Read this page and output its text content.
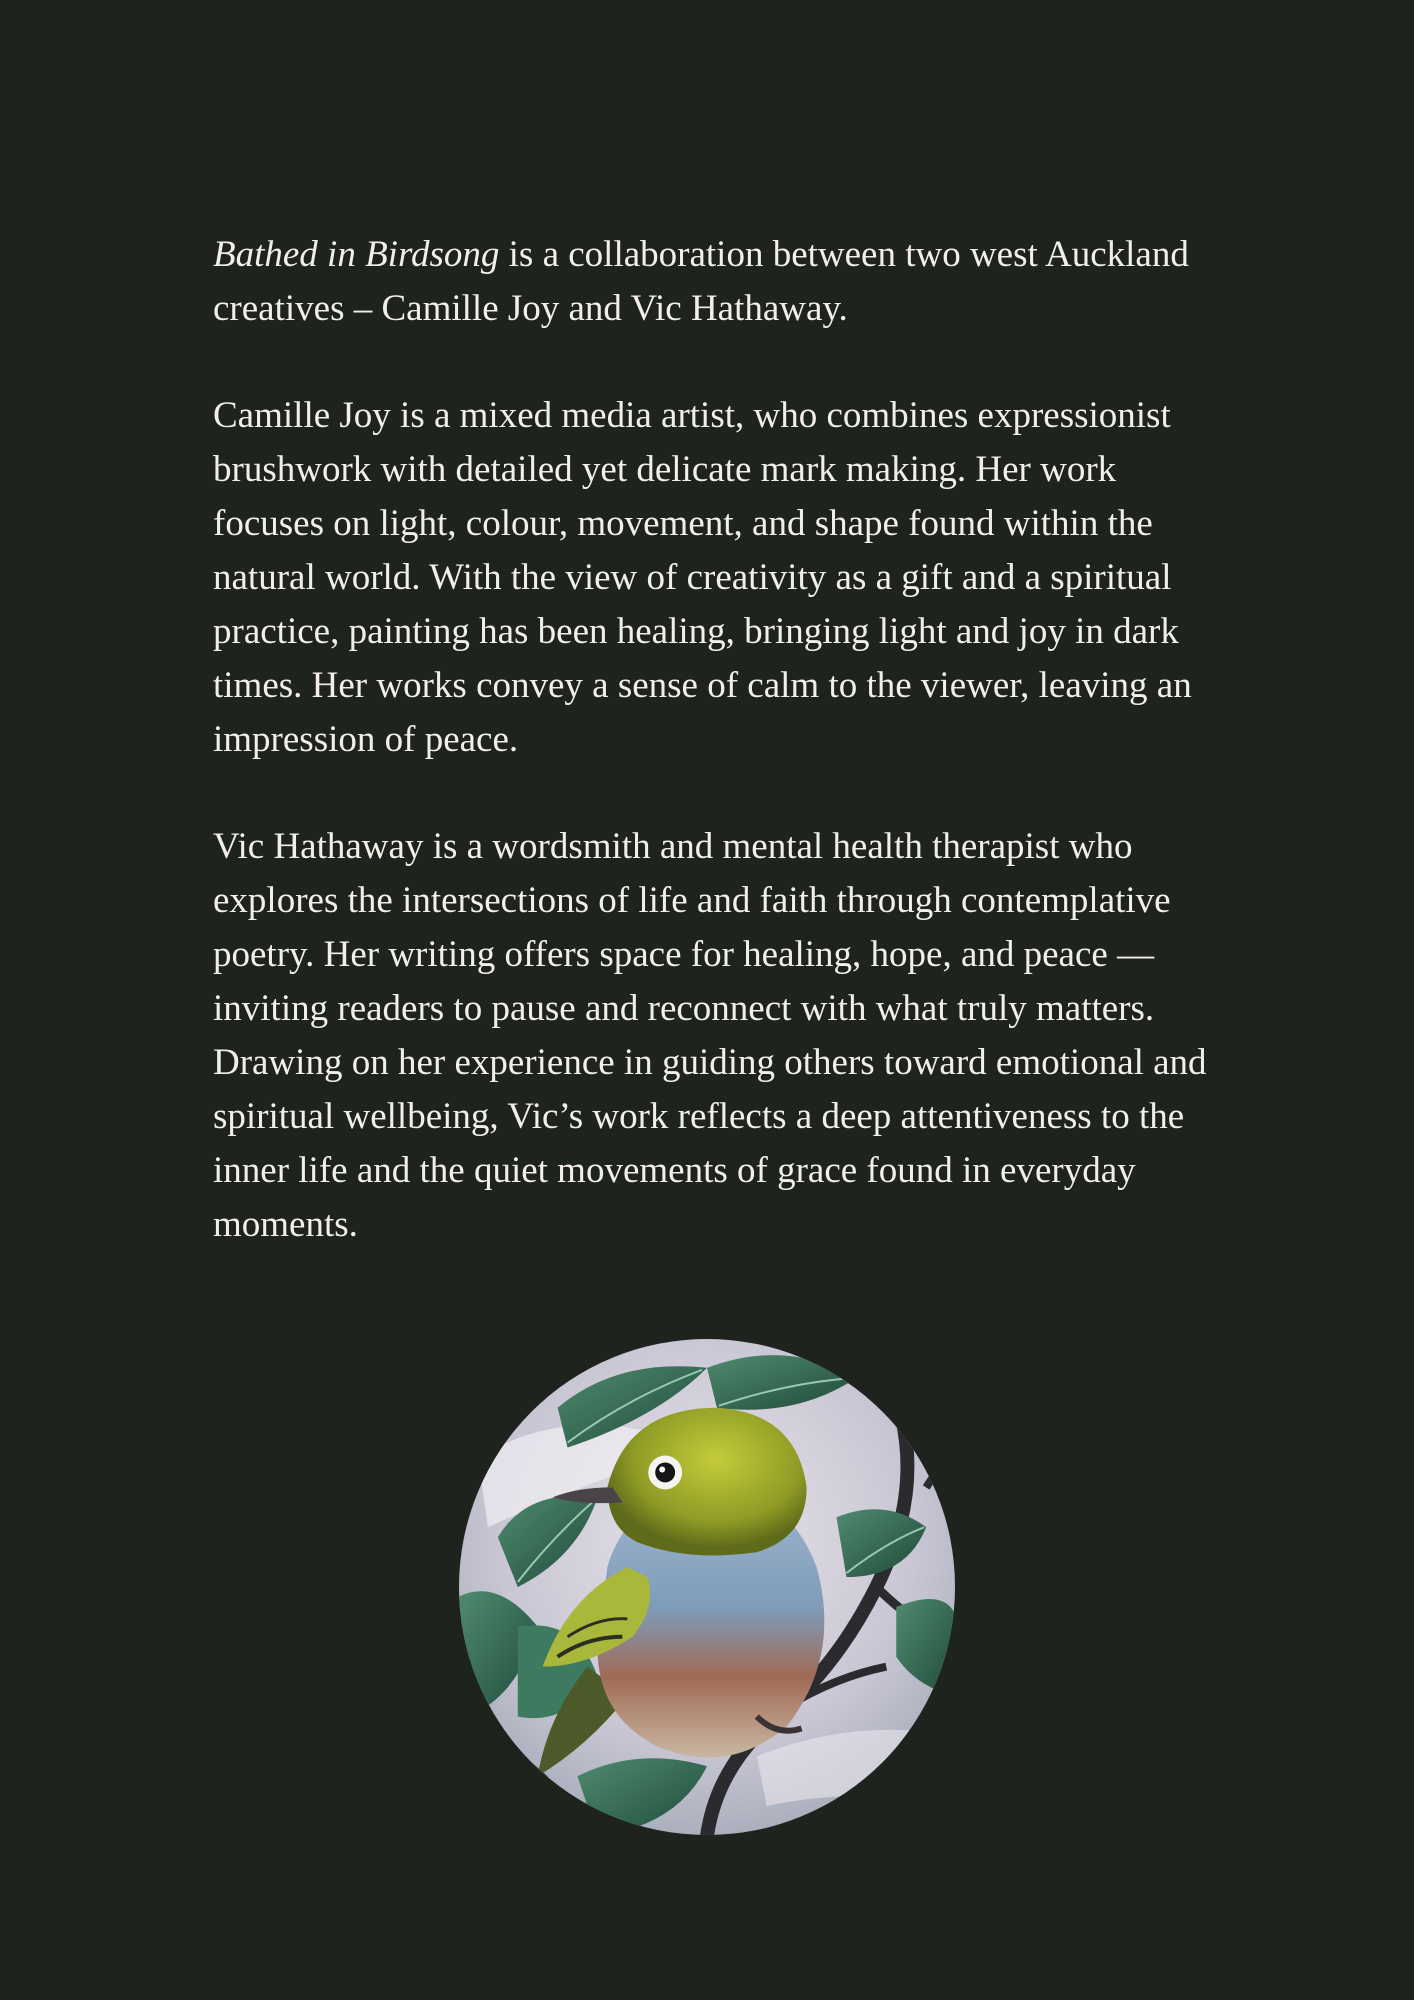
Bathed in Birdsong is a collaboration between two west Auckland creatives – Camille Joy and Vic Hathaway.

Camille Joy is a mixed media artist, who combines expressionist brushwork with detailed yet delicate mark making. Her work focuses on light, colour, movement, and shape found within the natural world. With the view of creativity as a gift and a spiritual practice, painting has been healing, bringing light and joy in dark times. Her works convey a sense of calm to the viewer, leaving an impression of peace.

Vic Hathaway is a wordsmith and mental health therapist who explores the intersections of life and faith through contemplative poetry. Her writing offers space for healing, hope, and peace — inviting readers to pause and reconnect with what truly matters. Drawing on her experience in guiding others toward emotional and spiritual wellbeing, Vic’s work reflects a deep attentiveness to the inner life and the quiet movements of grace found in everyday moments.
